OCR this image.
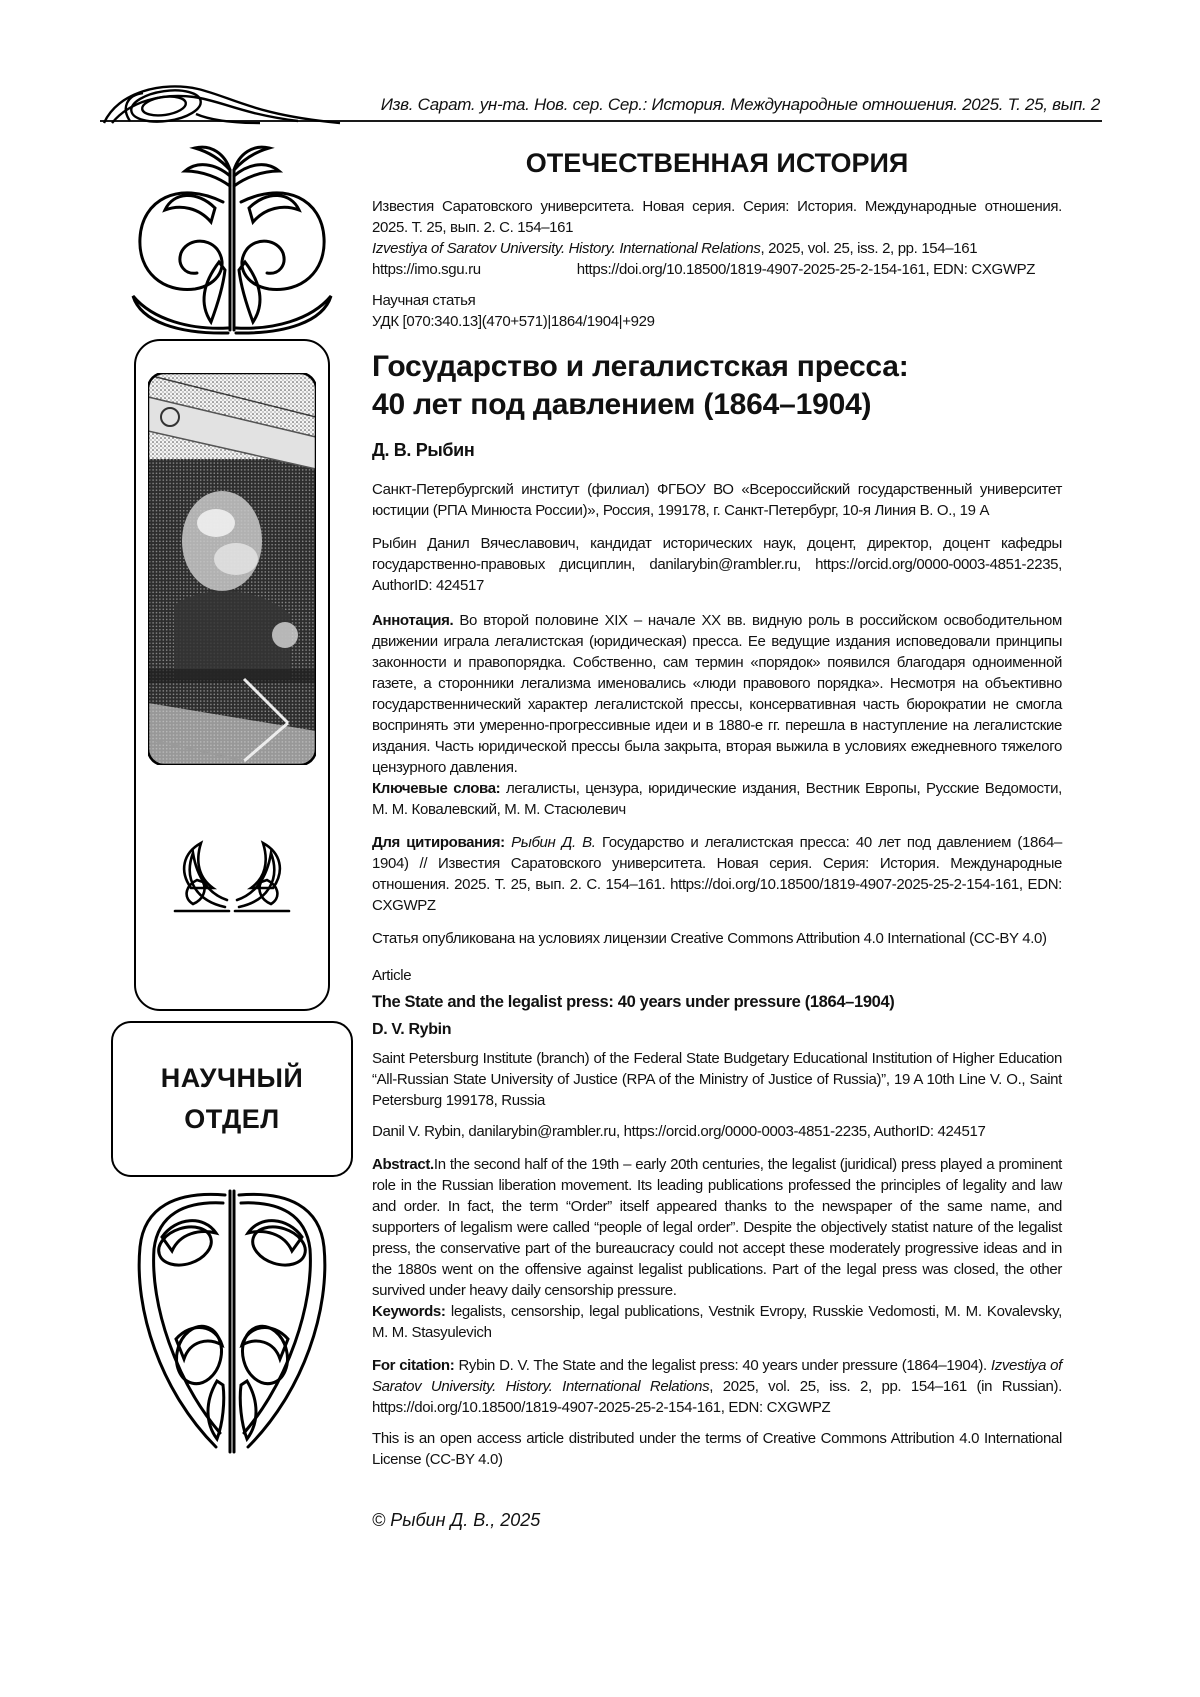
Изв. Сарат. ун-та. Нов. сер. Сер.: История. Международные отношения. 2025. Т. 25, вып. 2
НАУЧНЫЙ
ОТДЕЛ
ОТЕЧЕСТВЕННАЯ ИСТОРИЯ

Известия Саратовского университета. Новая серия. Серия: История. Международные отношения. 2025. Т. 25, вып. 2. С. 154–161

Izvestiya of Saratov University. History. International Relations, 2025, vol. 25, iss. 2, pp. 154–161

https://imo.sgu.ru	https://doi.org/10.18500/1819-4907-2025-25-2-154-161, EDN: CXGWPZ

Научная статья

УДК [070:340.13](470+571)|1864/1904|+929

Государство и легалистская пресса:
40 лет под давлением (1864–1904)

Д. В. Рыбин

Санкт-Петербургский институт (филиал) ФГБОУ ВО «Всероссийский государственный университет юстиции (РПА Минюста России)», Россия, 199178, г. Санкт-Петербург, 10-я Линия В. О., 19 А

Рыбин Данил Вячеславович, кандидат исторических наук, доцент, директор, доцент кафедры государственно-правовых дисциплин, danilarybin@rambler.ru, https://orcid.org/0000-0003-4851-2235, AuthorID: 424517

Аннотация. Во второй половине XIX – начале XX вв. видную роль в российском освободительном движении играла легалистская (юридическая) пресса. Ее ведущие издания исповедовали принципы законности и правопорядка. Собственно, сам термин «порядок» появился благодаря одноименной газете, а сторонники легализма именовались «люди правового порядка». Несмотря на объективно государственнический характер легалистской прессы, консервативная часть бюрократии не смогла воспринять эти умеренно-прогрессивные идеи и в 1880-е гг. перешла в наступление на легалистские издания. Часть юридической прессы была закрыта, вторая выжила в условиях ежедневного тяжелого цензурного давления.

Ключевые слова: легалисты, цензура, юридические издания, Вестник Европы, Русские Ведомости, М. М. Ковалевский, М. М. Стасюлевич

Для цитирования: Рыбин Д. В. Государство и легалистская пресса: 40 лет под давлением (1864–1904) // Известия Саратовского университета. Новая серия. Серия: История. Международные отношения. 2025. Т. 25, вып. 2. С. 154–161. https://doi.org/10.18500/1819-4907-2025-25-2-154-161, EDN: CXGWPZ

Статья опубликована на условиях лицензии Creative Commons Attribution 4.0 International (CC-BY 4.0)

Article

The State and the legalist press: 40 years under pressure (1864–1904)

D. V. Rybin

Saint Petersburg Institute (branch) of the Federal State Budgetary Educational Institution of Higher Education “All-Russian State University of Justice (RPA of the Ministry of Justice of Russia)”, 19 A 10th Line V. O., Saint Petersburg 199178, Russia

Danil V. Rybin, danilarybin@rambler.ru, https://orcid.org/0000-0003-4851-2235, AuthorID: 424517

Abstract.In the second half of the 19th – early 20th centuries, the legalist (juridical) press played a prominent role in the Russian liberation movement. Its leading publications professed the principles of legality and law and order. In fact, the term “Order” itself appeared thanks to the newspaper of the same name, and supporters of legalism were called “people of legal order”. Despite the objectively statist nature of the legalist press, the conservative part of the bureaucracy could not accept these moderately progressive ideas and in the 1880s went on the offensive against legalist publications. Part of the legal press was closed, the other survived under heavy daily censorship pressure.

Keywords: legalists, censorship, legal publications, Vestnik Evropy, Russkie Vedomosti, M. M. Kovalevsky, M. M. Stasyulevich

For citation: Rybin D. V. The State and the legalist press: 40 years under pressure (1864–1904). Izvestiya of Saratov University. History. International Relations, 2025, vol. 25, iss. 2, pp. 154–161 (in Russian). https://doi.org/10.18500/1819-4907-2025-25-2-154-161, EDN: CXGWPZ

This is an open access article distributed under the terms of Creative Commons Attribution 4.0 International License (CC-BY 4.0)

© Рыбин Д. В., 2025
